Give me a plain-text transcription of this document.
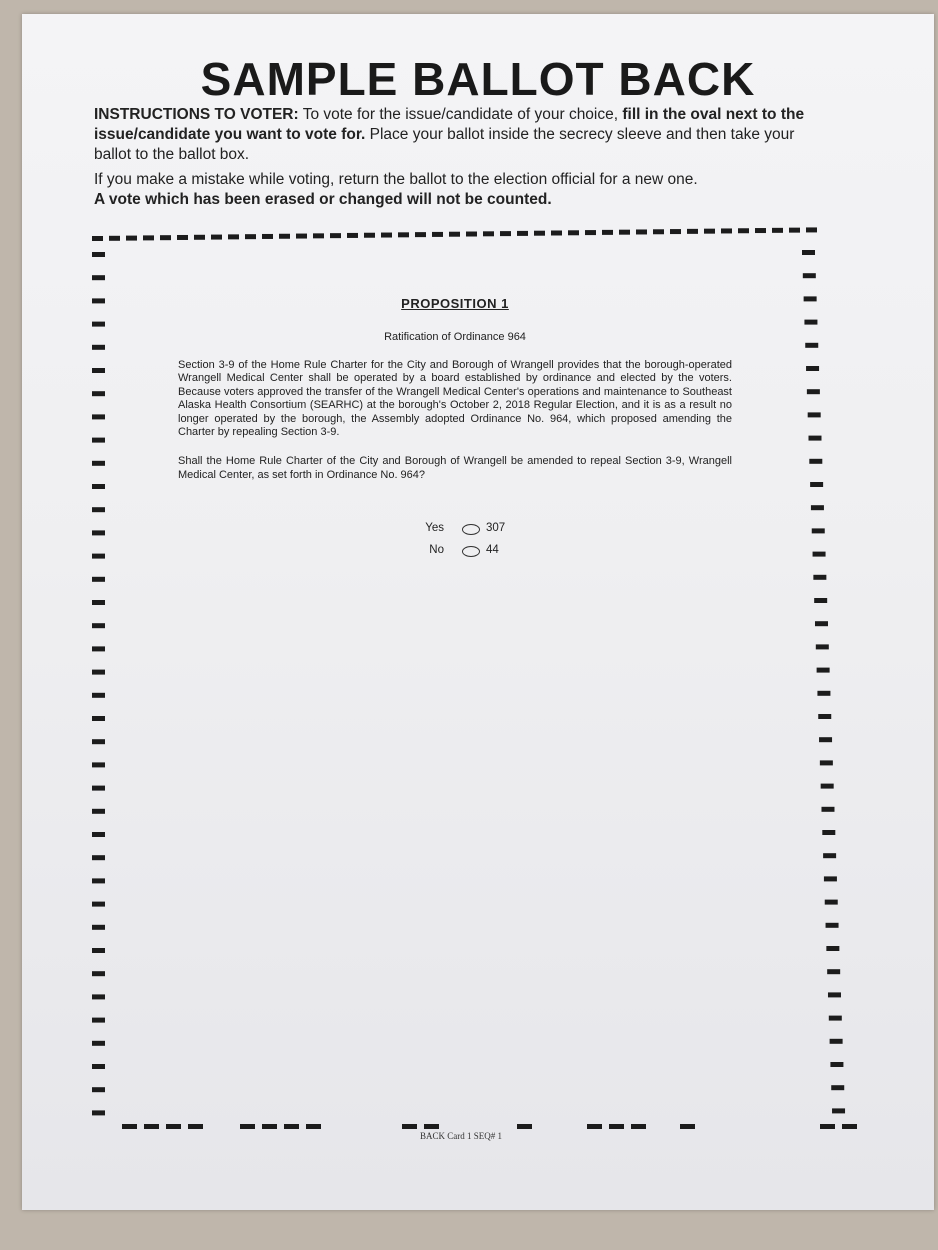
SAMPLE BALLOT BACK
INSTRUCTIONS TO VOTER: To vote for the issue/candidate of your choice, fill in the oval next to the issue/candidate you want to vote for. Place your ballot inside the secrecy sleeve and then take your ballot to the ballot box.
If you make a mistake while voting, return the ballot to the election official for a new one.
A vote which has been erased or changed will not be counted.
PROPOSITION 1
Ratification of Ordinance 964
Section 3-9 of the Home Rule Charter for the City and Borough of Wrangell provides that the borough-operated Wrangell Medical Center shall be operated by a board established by ordinance and elected by the voters. Because voters approved the transfer of the Wrangell Medical Center's operations and maintenance to Southeast Alaska Health Consortium (SEARHC) at the borough's October 2, 2018 Regular Election, and it is as a result no longer operated by the borough, the Assembly adopted Ordinance No. 964, which proposed amending the Charter by repealing Section 3-9.
Shall the Home Rule Charter of the City and Borough of Wrangell be amended to repeal Section 3-9, Wrangell Medical Center, as set forth in Ordinance No. 964?
Yes	307
No	44
BACK Card 1 SEQ# 1
